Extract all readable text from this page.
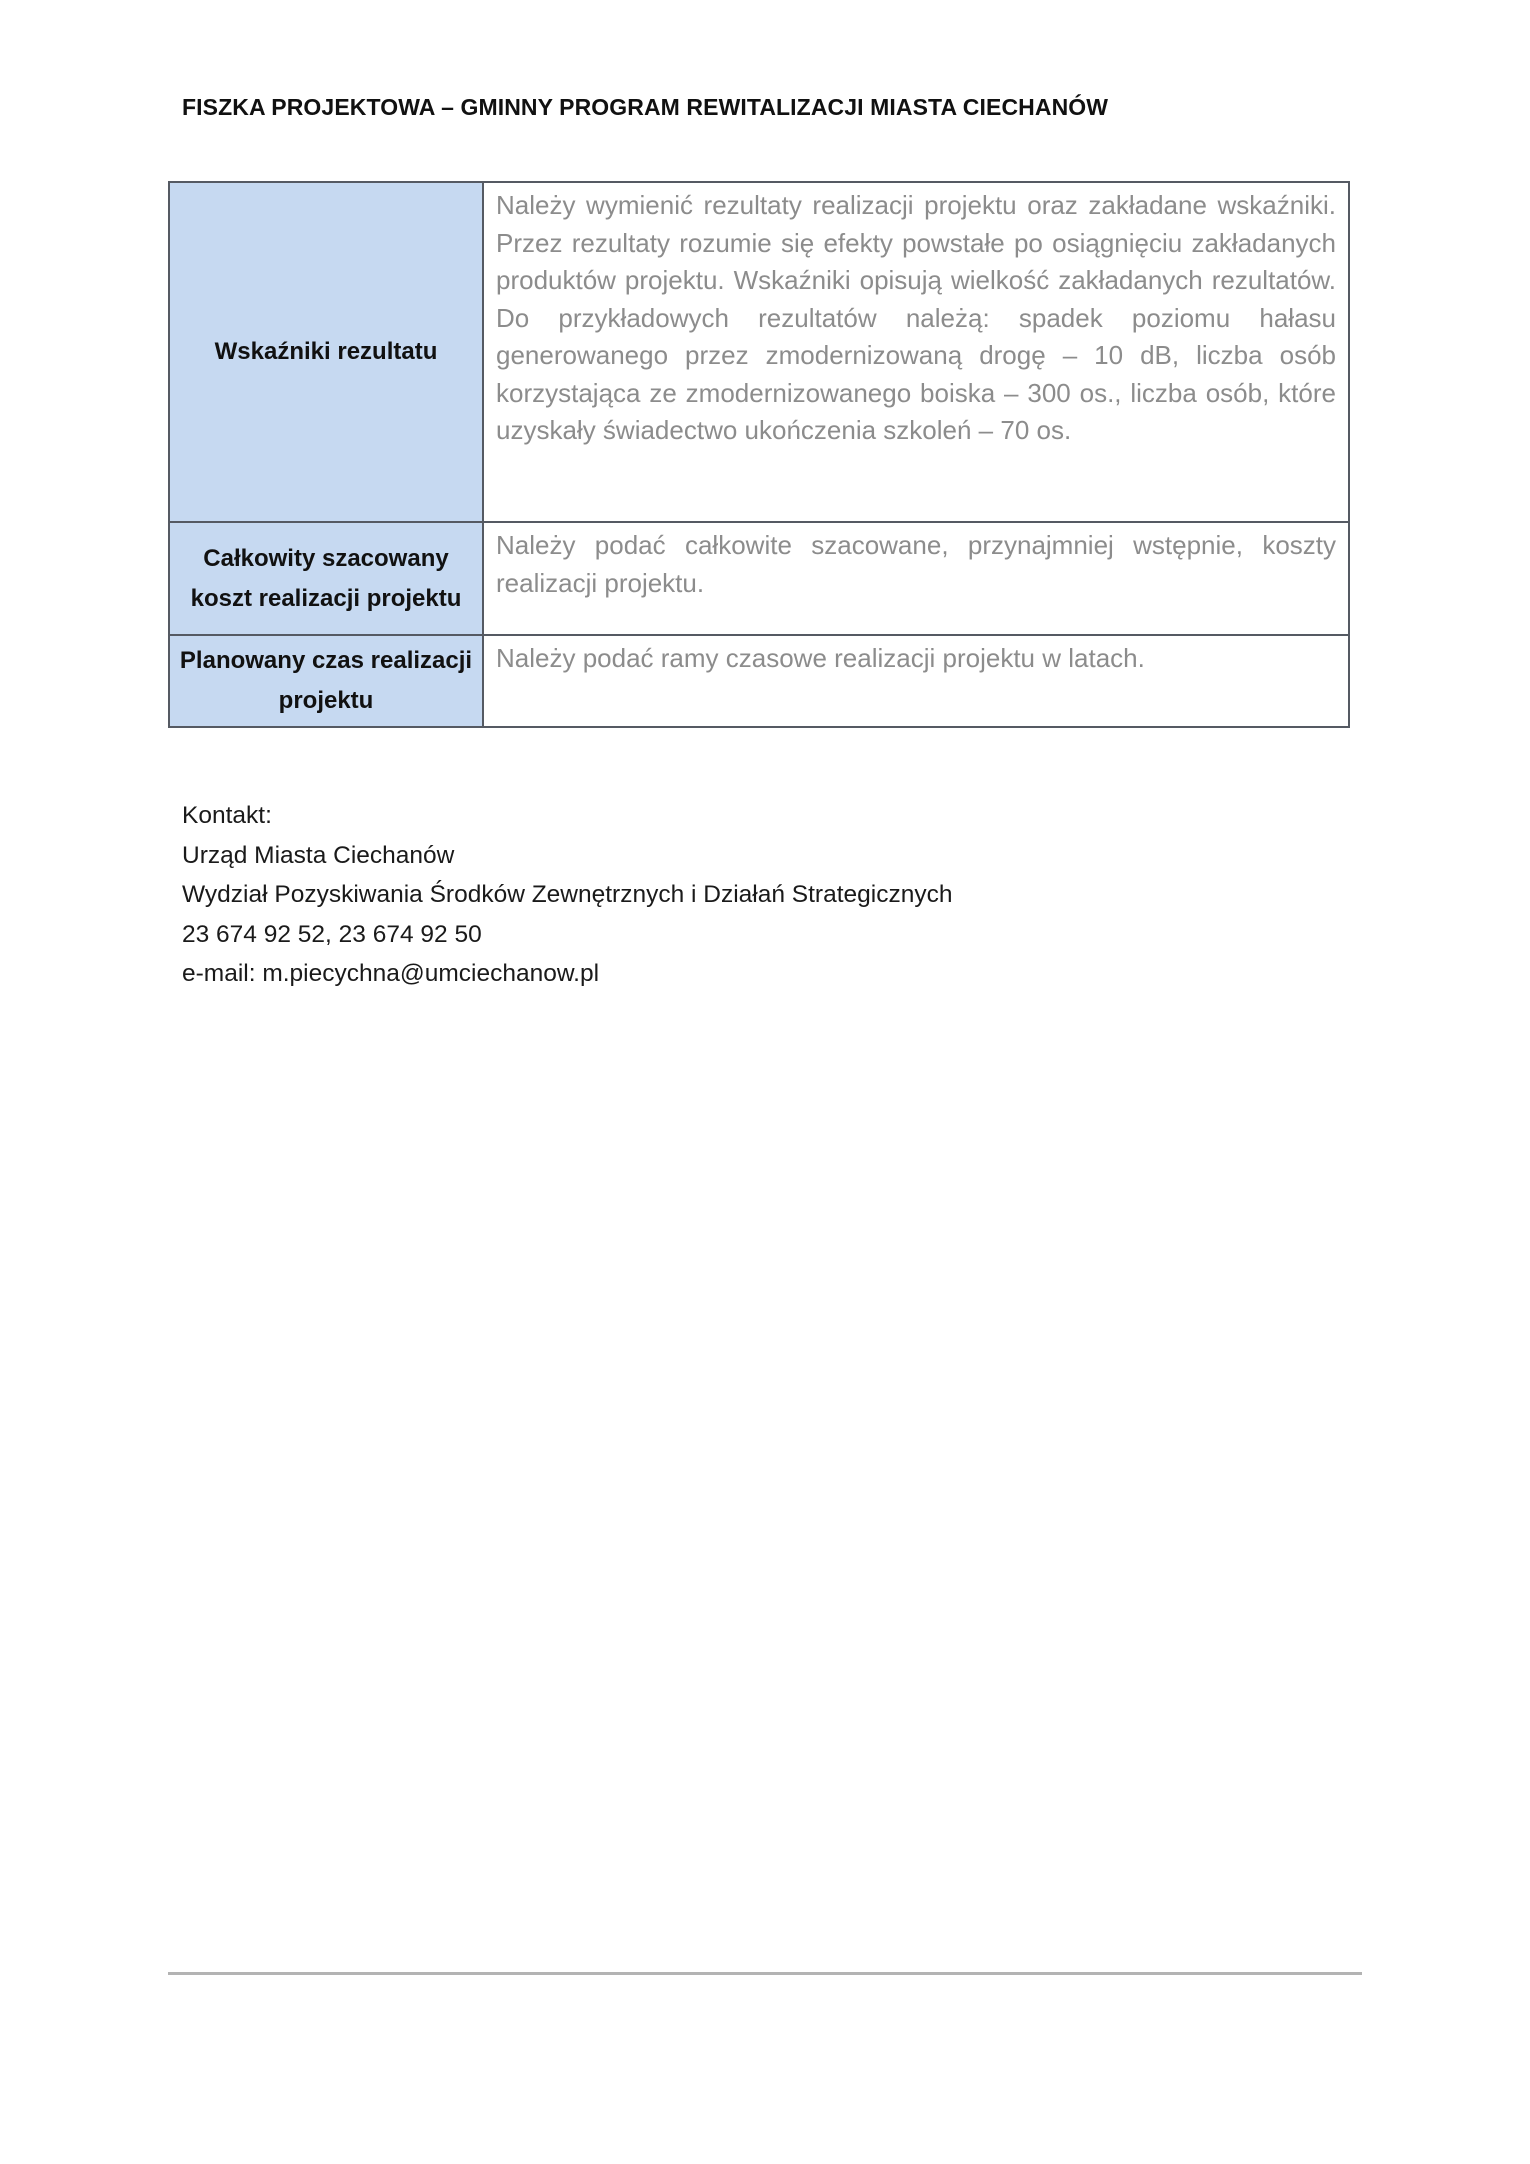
FISZKA PROJEKTOWA – GMINNY PROGRAM REWITALIZACJI MIASTA CIECHANÓW
Wskaźniki rezultatu	Należy wymienić rezultaty realizacji projektu oraz zakładane wskaźniki. Przez rezultaty rozumie się efekty powstałe po osiągnięciu zakładanych produktów projektu. Wskaźniki opisują wielkość zakładanych rezultatów. Do przykładowych rezultatów należą: spadek poziomu hałasu generowanego przez zmodernizowaną drogę – 10 dB, liczba osób korzystająca ze zmodernizowanego boiska – 300 os., liczba osób, które uzyskały świadectwo ukończenia szkoleń – 70 os.
Całkowity szacowany koszt realizacji projektu	Należy podać całkowite szacowane, przynajmniej wstępnie, koszty realizacji projektu.
Planowany czas realizacji projektu	Należy podać ramy czasowe realizacji projektu w latach.
Kontakt:
Urząd Miasta Ciechanów
Wydział Pozyskiwania Środków Zewnętrznych i Działań Strategicznych
23 674 92 52, 23 674 92 50
e-mail: m.piecychna@umciechanow.pl
